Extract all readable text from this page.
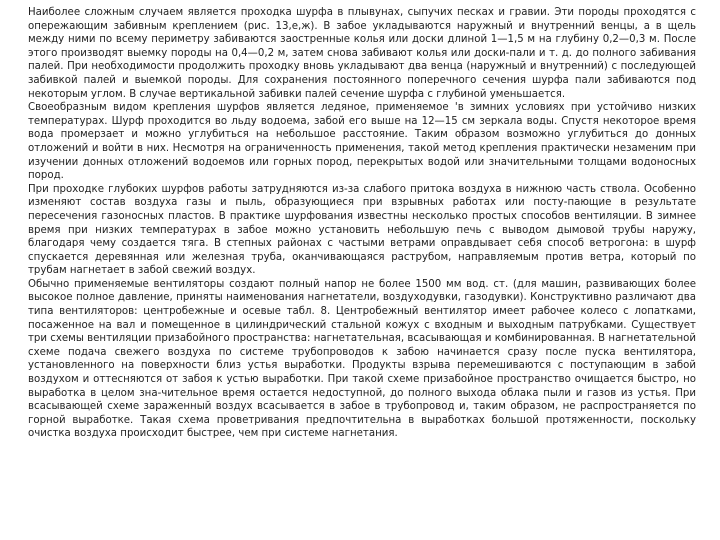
Наиболее сложным случаем является проходка шурфа в плывунах, сыпучих песках и гравии. Эти породы проходятся с опережающим забивным креплением (рис. 13,е,ж). В забое укладываются наружный и внутренний венцы, а в щель между ними по всему периметру забиваются заостренные колья или доски длиной 1—1,5 м на глубину 0,2—0,3 м. После этого производят выемку породы на 0,4—0,2 м, затем снова забивают колья или доски-пали и т. д. до полного забивания палей. При необходимости продолжить проходку вновь укладывают два венца (наружный и внутренний) с последующей забивкой палей и выемкой породы. Для сохранения постоянного поперечного сечения шурфа пали забиваются под некоторым углом. В случае вертикальной забивки палей сечение шурфа с глубиной уменьшается.

Своеобразным видом крепления шурфов является ледяное, применяемое 'в зимних условиях при устойчиво низких температурах. Шурф проходится во льду водоема, забой его выше на 12—15 см зеркала воды. Спустя некоторое время вода промерзает и можно углубиться на небольшое расстояние. Таким образом возможно углубиться до донных отложений и войти в них. Несмотря на ограниченность применения, такой метод крепления практически незаменим при изучении донных отложений водоемов или горных пород, перекрытых водой или значительными толщами водоносных пород.

При проходке глубоких шурфов работы затрудняются из-за слабого притока воздуха в нижнюю часть ствола. Особенно изменяют состав воздуха газы и пыль, образующиеся при взрывных работах или посту-пающие в результате пересечения газоносных пластов. В практике шурфования известны несколько простых способов вентиляции. В зимнее время при низких температурах в забое можно установить небольшую печь с выводом дымовой трубы наружу, благодаря чему создается тяга. В степных районах с частыми ветрами оправдывает себя способ ветрогона: в шурф спускается деревянная или железная труба, оканчивающаяся раструбом, направляемым против ветра, который по трубам нагнетает в забой свежий воздух.

Обычно применяемые вентиляторы создают полный напор не более 1500 мм вод. ст. (для машин, развивающих более высокое полное давление, приняты наименования нагнетатели, воздуходувки, газодувки). Конструктивно различают два типа вентиляторов: центробежные и осевые табл. 8. Центробежный вентилятор имеет рабочее колесо с лопатками, посаженное на вал и помещенное в цилиндрический стальной кожух с входным и выходным патрубками. Существует три схемы вентиляции призабойного пространства: нагнетательная, всасывающая и комбинированная. В нагнетательной схеме подача свежего воздуха по системе трубопроводов к забою начинается сразу после пуска вентилятора, установленного на поверхности близ устья выработки. Продукты взрыва перемешиваются с поступающим в забой воздухом и оттесняются от забоя к устью выработки. При такой схеме призабойное пространство очищается быстро, но выработка в целом зна-чительное время остается недоступной, до полного выхода облака пыли и газов из устья. При всасывающей схеме зараженный воздух всасывается в забое в трубопровод и, таким образом, не распространяется по горной выработке. Такая схема проветривания предпочтительна в выработках большой протяженности, поскольку очистка воздуха происходит быстрее, чем при системе нагнетания.
